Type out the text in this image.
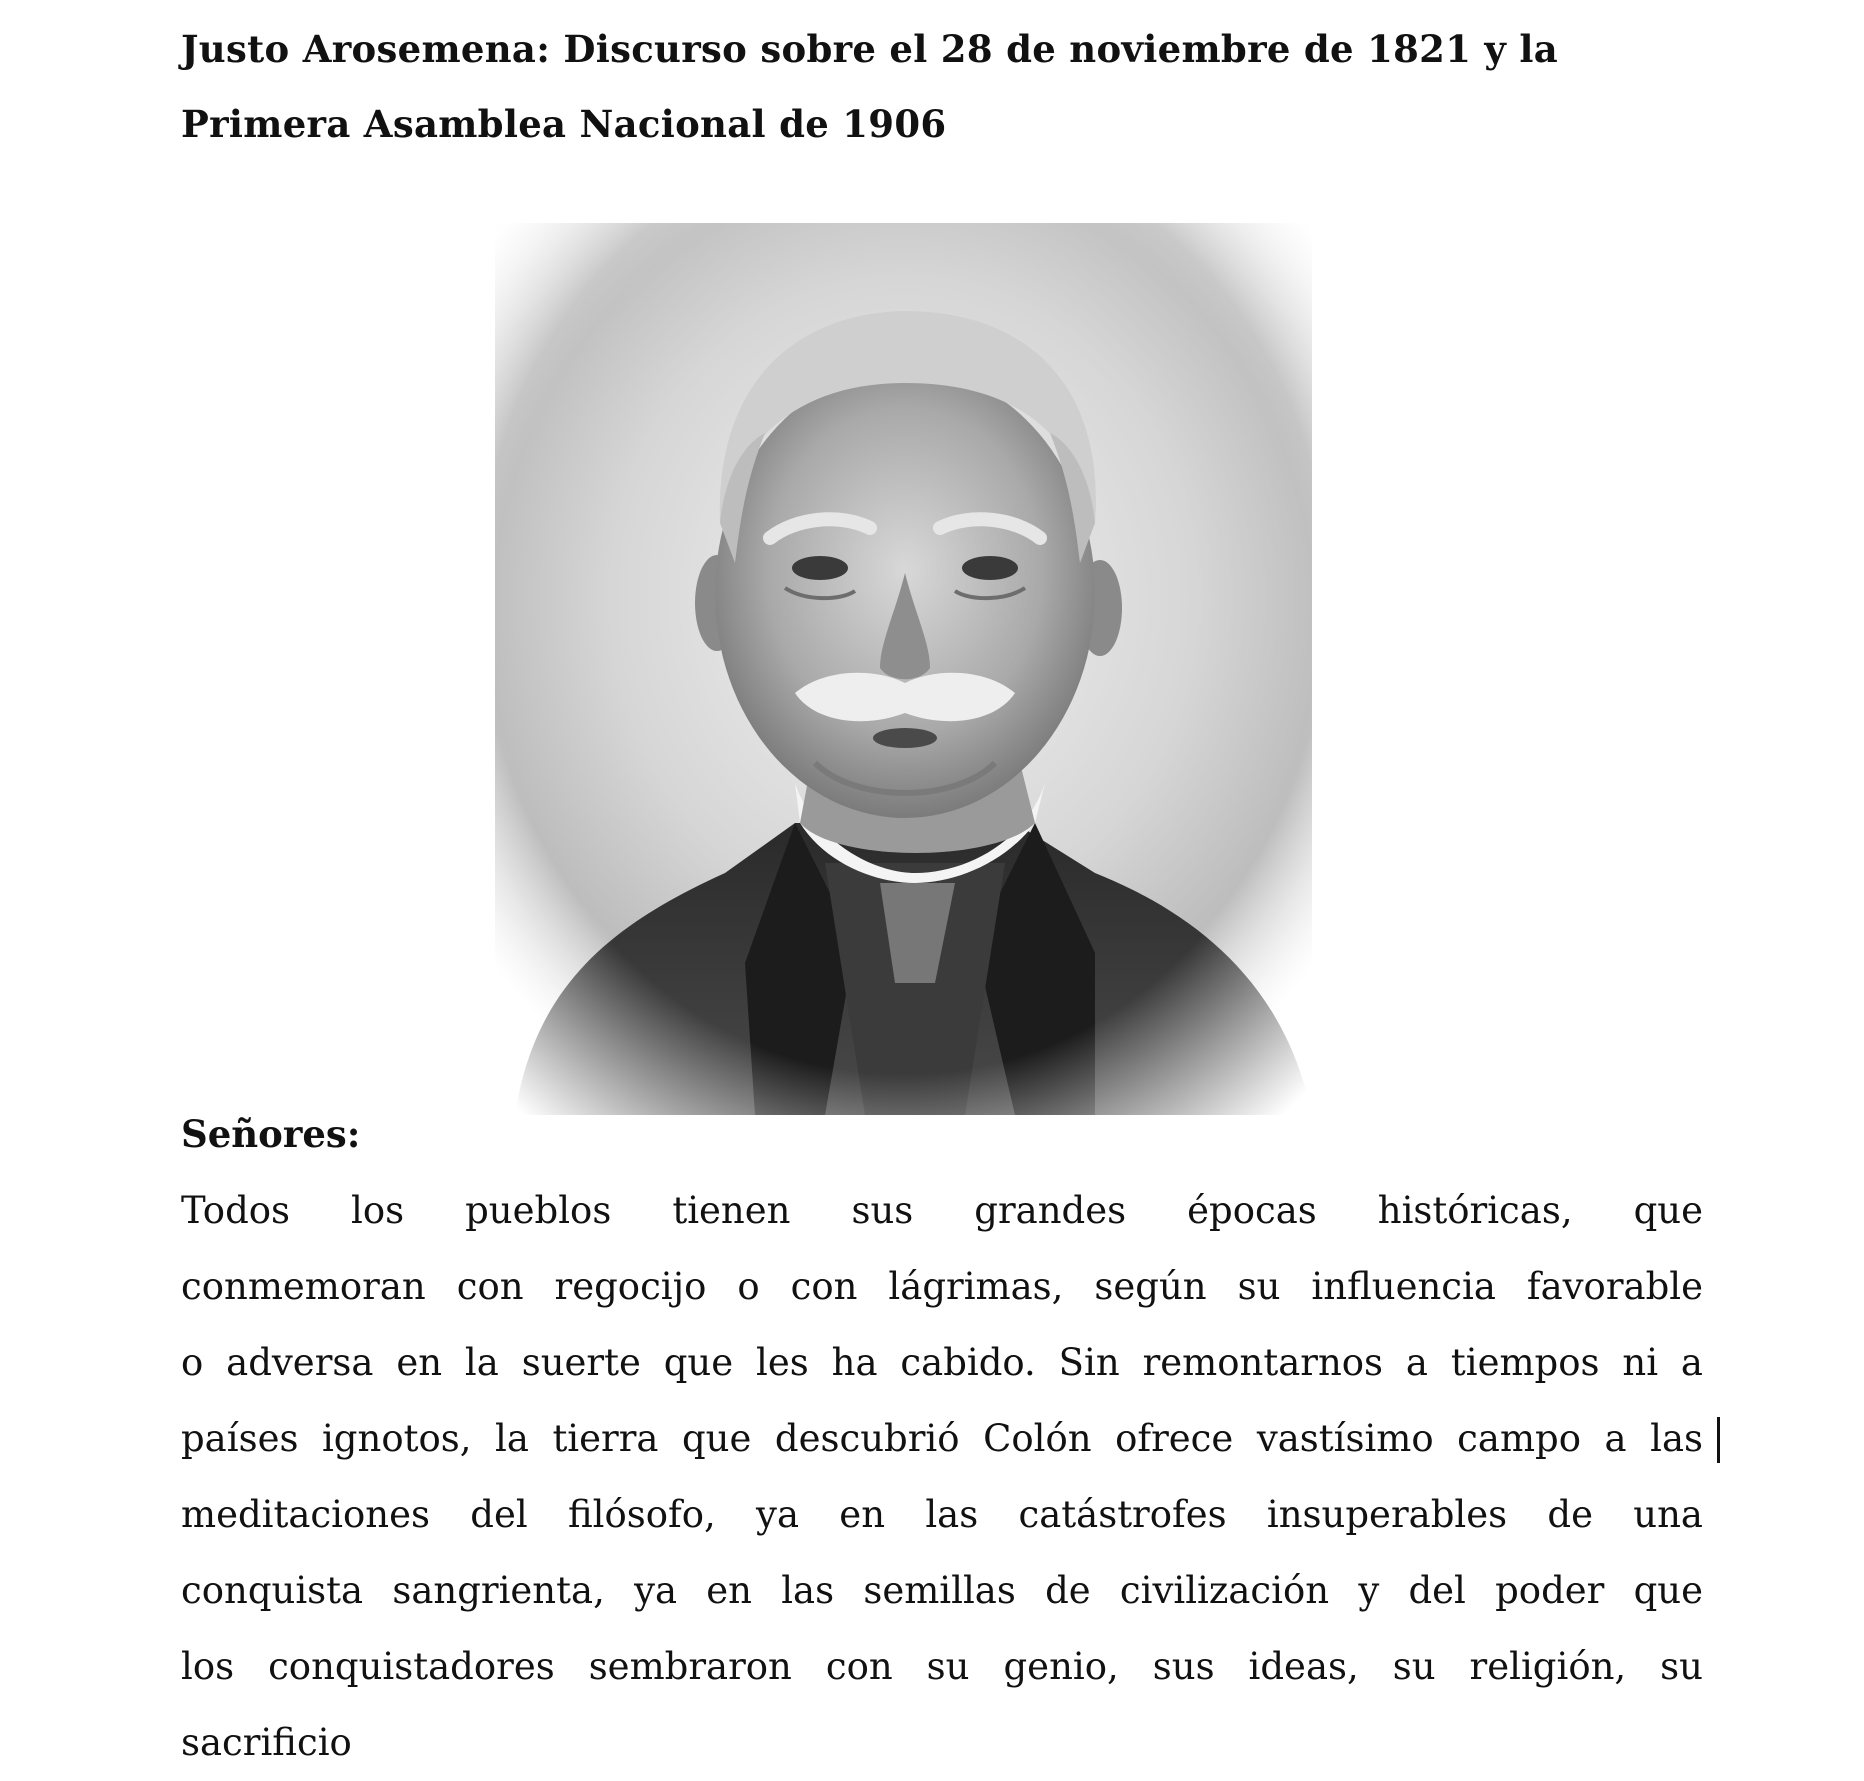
Justo Arosemena: Discurso sobre el 28 de noviembre de 1821 y la
Primera Asamblea Nacional de 1906

Señores:

Todos los pueblos tienen sus grandes épocas históricas, que
conmemoran con regocijo o con lágrimas, según su influencia favorable
o adversa en la suerte que les ha cabido. Sin remontarnos a tiempos ni a
países ignotos, la tierra que descubrió Colón ofrece vastísimo campo a las
meditaciones del filósofo, ya en las catástrofes insuperables de una
conquista sangrienta, ya en las semillas de civilización y del poder que
los conquistadores sembraron con su genio, sus ideas, su religión, su
sacrificio
